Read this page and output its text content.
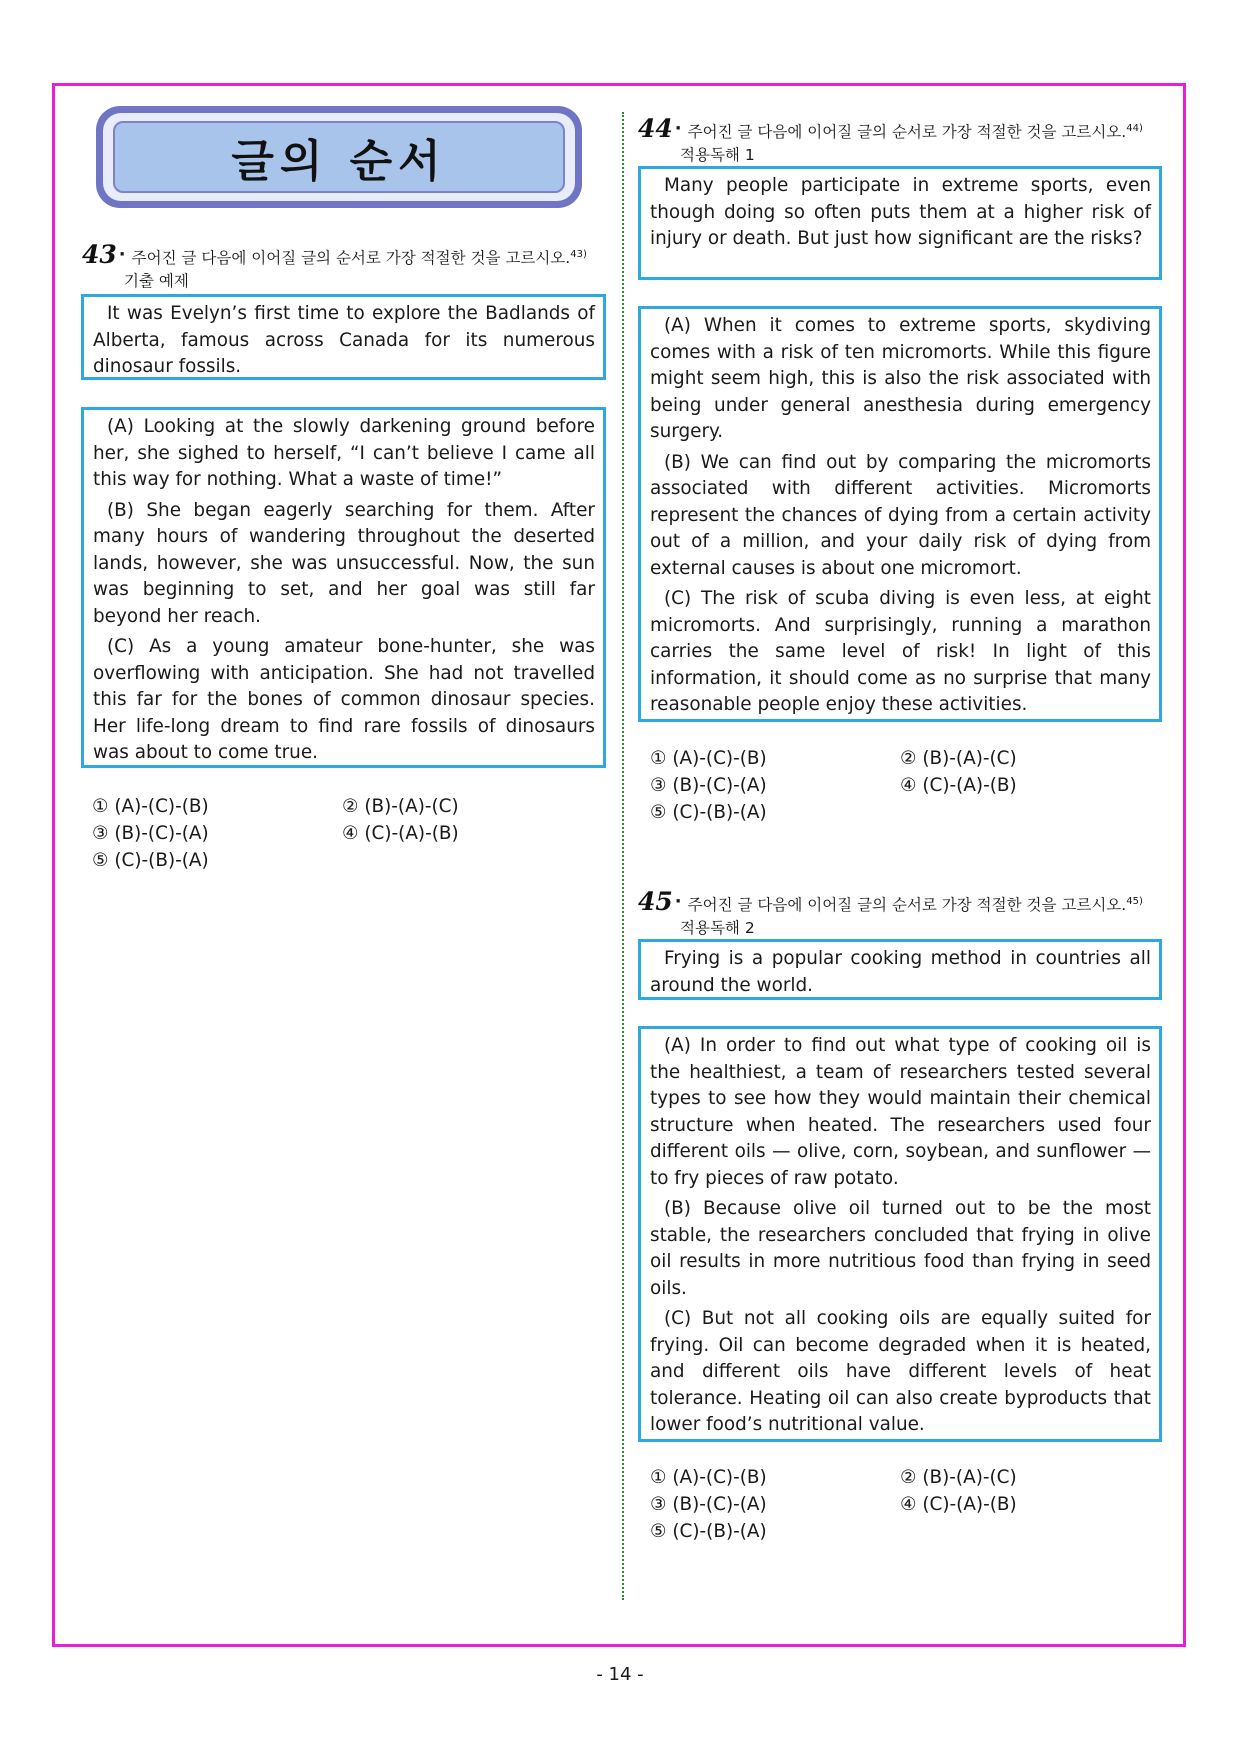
글의 순서
43 · 주어진 글 다음에 이어질 글의 순서로 가장 적절한 것을 고르시오.$^{43)}$
기출 예제

It was Evelyn’s first time to explore the Badlands of Alberta, famous across Canada for its numerous dinosaur fossils.

(A) Looking at the slowly darkening ground before her, she sighed to herself, “I can’t believe I came all this way for nothing. What a waste of time!”

(B) She began eagerly searching for them. After many hours of wandering throughout the deserted lands, however, she was unsuccessful. Now, the sun was beginning to set, and her goal was still far beyond her reach.

(C) As a young amateur bone-hunter, she was overflowing with anticipation. She had not travelled this far for the bones of common dinosaur species. Her life-long dream to find rare fossils of dinosaurs was about to come true.

① (A)-(C)-(B)	② (B)-(A)-(C)
③ (B)-(C)-(A)	④ (C)-(A)-(B)
⑤ (C)-(B)-(A)
44 · 주어진 글 다음에 이어질 글의 순서로 가장 적절한 것을 고르시오.$^{44)}$
적용독해 1

Many people participate in extreme sports, even though doing so often puts them at a higher risk of injury or death. But just how significant are the risks?

(A) When it comes to extreme sports, skydiving comes with a risk of ten micromorts. While this figure might seem high, this is also the risk associated with being under general anesthesia during emergency surgery.

(B) We can find out by comparing the micromorts associated with different activities. Micromorts represent the chances of dying from a certain activity out of a million, and your daily risk of dying from external causes is about one micromort.

(C) The risk of scuba diving is even less, at eight micromorts. And surprisingly, running a marathon carries the same level of risk! In light of this information, it should come as no surprise that many reasonable people enjoy these activities.

① (A)-(C)-(B)	② (B)-(A)-(C)
③ (B)-(C)-(A)	④ (C)-(A)-(B)
⑤ (C)-(B)-(A)
45 · 주어진 글 다음에 이어질 글의 순서로 가장 적절한 것을 고르시오.$^{45)}$
적용독해 2

Frying is a popular cooking method in countries all around the world.

(A) In order to find out what type of cooking oil is the healthiest, a team of researchers tested several types to see how they would maintain their chemical structure when heated. The researchers used four different oils — olive, corn, soybean, and sunflower — to fry pieces of raw potato.

(B) Because olive oil turned out to be the most stable, the researchers concluded that frying in olive oil results in more nutritious food than frying in seed oils.

(C) But not all cooking oils are equally suited for frying. Oil can become degraded when it is heated, and different oils have different levels of heat tolerance. Heating oil can also create byproducts that lower food’s nutritional value.

① (A)-(C)-(B)	② (B)-(A)-(C)
③ (B)-(C)-(A)	④ (C)-(A)-(B)
⑤ (C)-(B)-(A)
- 14 -
